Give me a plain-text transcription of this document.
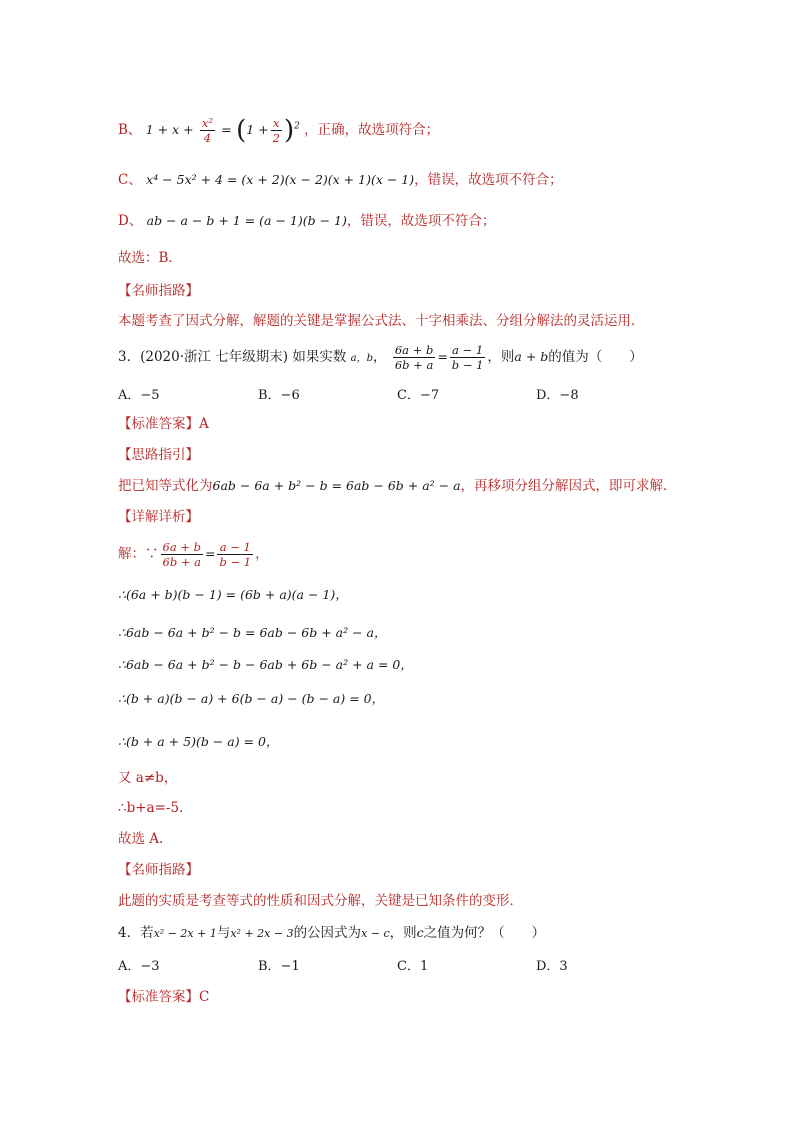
B、 $1 + x + \frac{\text{x²}}{4} = (1 + \frac{x}{2} )^2$ ，正确，故选项符合；
C、 x⁴ − 5x² + 4 = (x + 2)(x − 2)(x + 1)(x − 1)，错误，故选项不符合；
D、 ab − a − b + 1 = (a − 1)(b − 1)，错误，故选项不符合；
故选：B．
【名师指路】
本题考查了因式分解，解题的关键是掌握公式法、十字相乘法、分组分解法的灵活运用．
3．(2020·浙江 七年级期末) 如果实数 a，b， $\frac{6a + b}{6b + a} = \frac{a - 1}{b - 1}$ ，则a + b的值为（　　）
A．−5	B．−6	C．−7	D．−8
【标准答案】A
【思路指引】
把已知等式化为6ab − 6a + b² − b = 6ab − 6b + a² − a，再移项分组分解因式，即可求解．
【详解详析】
解：∵ $\frac{6a + b}{6b + a} = \frac{a - 1}{b - 1}$ ，
∴(6a + b)(b − 1) = (6b + a)(a − 1)，
∴6ab − 6a + b² − b = 6ab − 6b + a² − a，
∴6ab − 6a + b² − b − 6ab + 6b − a² + a = 0，
∴(b + a)(b − a) + 6(b − a) − (b − a) = 0，
∴(b + a + 5)(b − a) = 0，
又 a≠b，
∴b+a=-5.
故选 A.
【名师指路】
此题的实质是考查等式的性质和因式分解，关键是已知条件的变形．
4．若x² − 2x + 1与x² + 2x − 3的公因式为x − c，则c之值为何？（　　）
A．−3	B．−1	C．1	D．3
【标准答案】C
